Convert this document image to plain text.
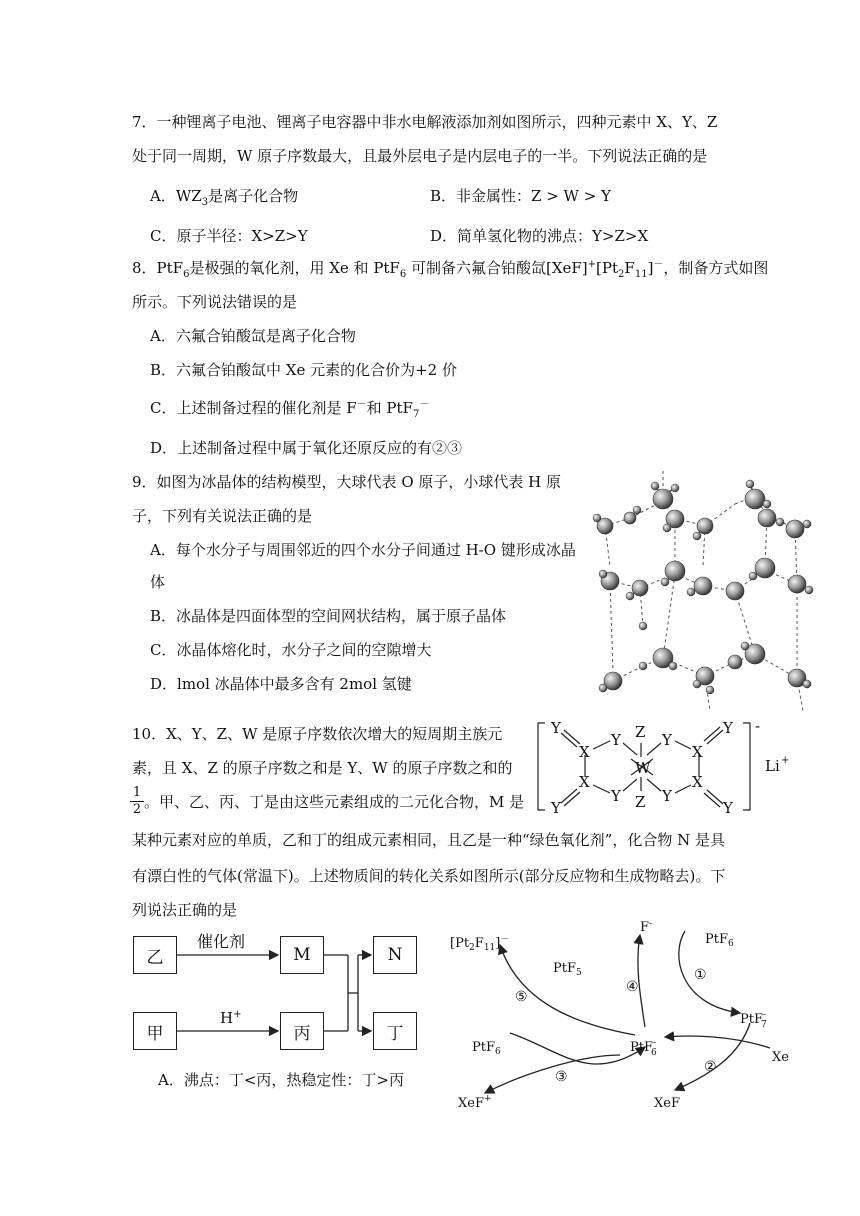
7．一种锂离子电池、锂离子电容器中非水电解液添加剂如图所示，四种元素中 X、Y、Z
处于同一周期，W 原子序数最大，且最外层电子是内层电子的一半。下列说法正确的是
A．$WZ_3$是离子化合物	B．非金属性：Z > W > Y
C．原子半径：X>Z>Y	D．简单氢化物的沸点：Y>Z>X
8．PtF$_6$是极强的氧化剂，用 Xe 和 PtF$_6$ 可制备六氟合铂酸氙$[XeF]^+[Pt_2F_{11}]^-$，制备方式如图
所示。下列说法错误的是
A．六氟合铂酸氙是离子化合物
B．六氟合铂酸氙中 Xe 元素的化合价为+2 价
C．上述制备过程的催化剂是 F－和 PtF$_7$－
D．上述制备过程中属于氧化还原反应的有②③
9．如图为冰晶体的结构模型，大球代表 O 原子，小球代表 H 原
子，下列有关说法正确的是
A．每个水分子与周围邻近的四个水分子间通过 H-O 键形成冰晶
体
B．冰晶体是四面体型的空间网状结构，属于原子晶体
C．冰晶体熔化时，水分子之间的空隙增大
D．lmol 冰晶体中最多含有 2mol 氢键
10．X、Y、Z、W 是原子序数依次增大的短周期主族元
素，且 X、Z 的原子序数之和是 Y、W 的原子序数之和的
1
2 。甲、乙、丙、丁是由这些元素组成的二元化合物，M 是
某种元素对应的单质，乙和丁的组成元素相同，且乙是一种“绿色氧化剂”，化合物 N 是具
有漂白性的气体(常温下)。上述物质间的转化关系如图所示(部分反应物和生成物略去)。下
列说法正确的是
Y
X
Y Z
W
Y
X
Y
X
Y Z Y
X
Y	Y
-
Li +
乙	M	N
甲	丙	丁
催化剂
H+
A．沸点：丁<丙，热稳定性：丁>丙
$[Pt_2F_{11}]^-$
F-
PtF$_6$
PtF$_5$
PtF-7
PtF-6
PtF$_6$	Xe
XeF
XeF+
①
②
③
④
⑤
